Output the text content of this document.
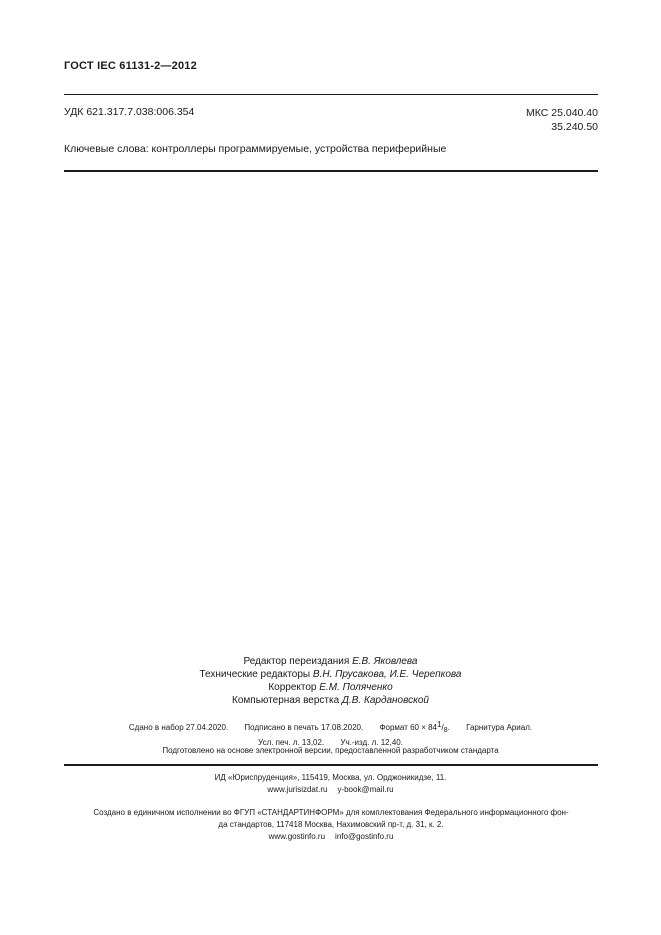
ГОСТ IEC 61131-2—2012
УДК 621.317.7.038:006.354	МКС 25.040.40
35.240.50
Ключевые слова: контроллеры программируемые, устройства периферийные
Редактор переиздания Е.В. Яковлева
Технические редакторы В.Н. Прусакова, И.Е. Черепкова
Корректор Е.М. Поляченко
Компьютерная верстка Д.В. Кардановской
Сдано в набор 27.04.2020. Подписано в печать 17.08.2020. Формат $60 \times 84^1/_8$. Гарнитура Ариал.
Усл. печ. л. 13,02. Уч.-изд. л. 12,40.
Подготовлено на основе электронной версии, предоставленной разработчиком стандарта
ИД «Юриспруденция», 115419, Москва, ул. Орджоникидзе, 11.
www.jurisizdat.ru y-book@mail.ru
Создано в единичном исполнении во ФГУП «СТАНДАРТИНФОРМ» для комплектования Федерального информационного фон-
да стандартов, 117418 Москва, Нахимовский пр-т, д. 31, к. 2.
www.gostinfo.ru info@gostinfo.ru
